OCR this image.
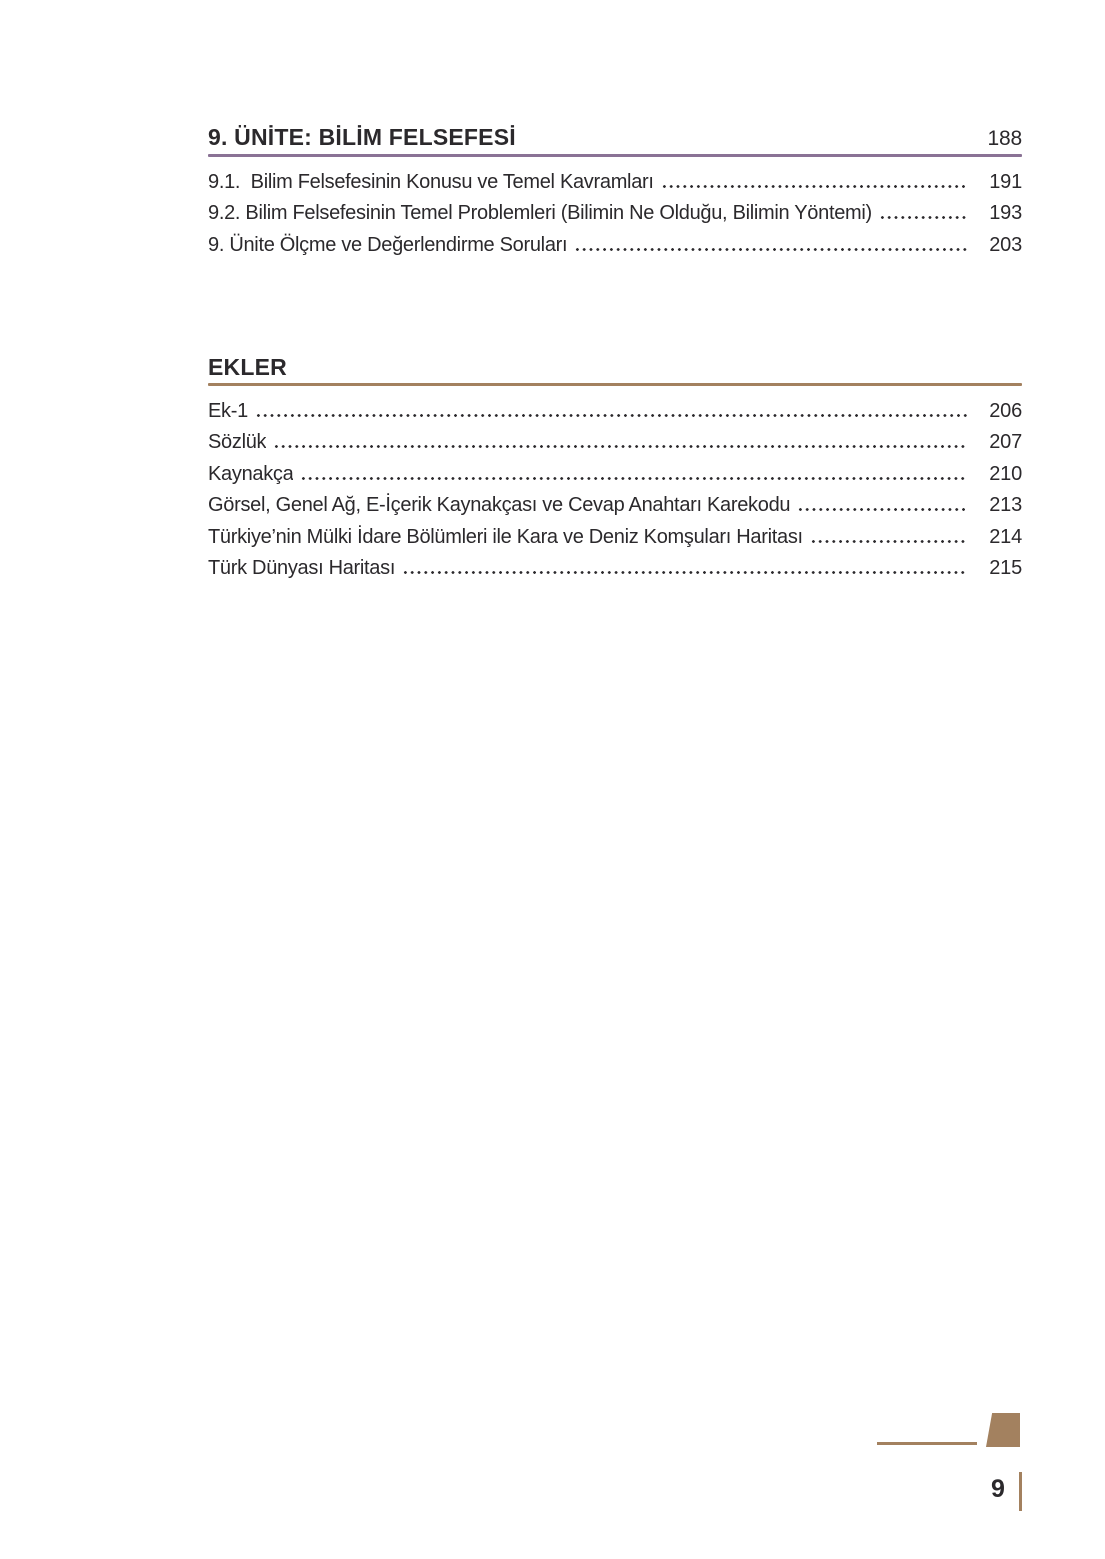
9. ÜNİTE: BİLİM FELSEFESİ	188
9.1.  Bilim Felsefesinin Konusu ve Temel Kavramları	191
9.2. Bilim Felsefesinin Temel Problemleri (Bilimin Ne Olduğu, Bilimin Yöntemi)	193
9. Ünite Ölçme ve Değerlendirme Soruları	203
EKLER
Ek-1	206
Sözlük	207
Kaynakça	210
Görsel, Genel Ağ, E-İçerik Kaynakçası ve Cevap Anahtarı Karekodu	213
Türkiye’nin Mülki İdare Bölümleri ile Kara ve Deniz Komşuları Haritası	214
Türk Dünyası Haritası	215
9
